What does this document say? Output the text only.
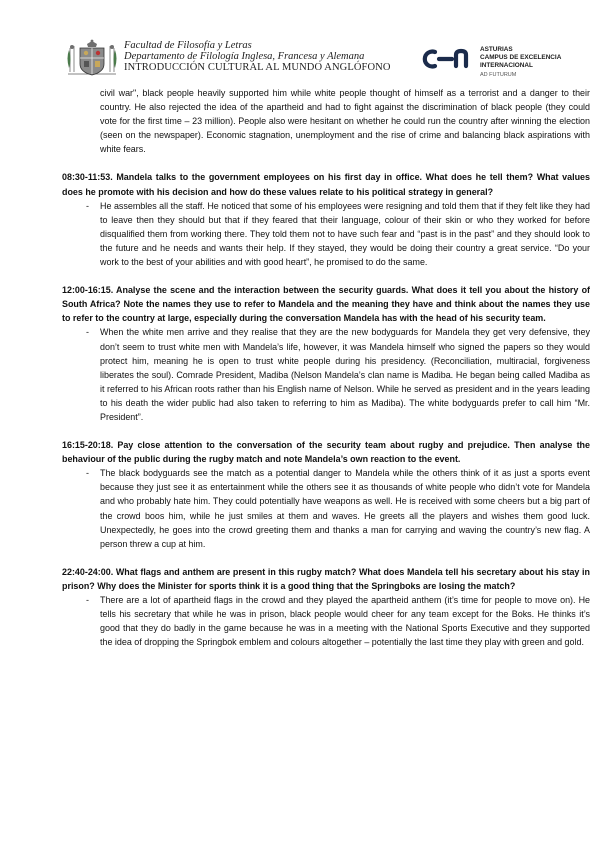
Facultad de Filosofía y Letras
Departamento de Filología Inglesa, Francesa y Alemana
INTRODUCCIÓN CULTURAL AL MUNDO ANGLÓFONO
ASTURIAS
CAMPUS DE EXCELENCIA
INTERNACIONAL
AD FUTURUM

civil war", black people heavily supported him while white people thought of himself as a terrorist and a danger to their country. He also rejected the idea of the apartheid and had to fight against the discrimination of black people (they could vote for the first time – 23 million). People also were hesitant on whether he could run the country after winning the election (seen on the newspaper). Economic stagnation, unemployment and the rise of crime and balancing black aspirations with white fears.

08:30-11:53. Mandela talks to the government employees on his first day in office. What does he tell them? What values does he promote with his decision and how do these values relate to his political strategy in general?

- He assembles all the staff. He noticed that some of his employees were resigning and told them that if they felt like they had to leave then they should but that if they feared that their language, colour of their skin or who they worked for before disqualified them from working there. They told them not to have such fear and “past is in the past” and they should look to the future and he needs and wants their help. If they stayed, they would be doing their country a great service. “Do your work to the best of your abilities and with good heart”, he promised to do the same.

12:00-16:15. Analyse the scene and the interaction between the security guards. What does it tell you about the history of South Africa? Note the names they use to refer to Mandela and the meaning they have and think about the names they use to refer to the country at large, especially during the conversation Mandela has with the head of his security team.

- When the white men arrive and they realise that they are the new bodyguards for Mandela they get very defensive, they don’t seem to trust white men with Mandela’s life, however, it was Mandela himself who signed the papers so they would protect him, meaning he is open to trust white people during his presidency. (Reconciliation, multiracial, forgiveness liberates the soul). Comrade President, Madiba (Nelson Mandela’s clan name is Madiba. He began being called Madiba as it referred to his African roots rather than his English name of Nelson. While he served as president and in the years leading to his death the wider public had also taken to referring to him as Madiba). The white bodyguards prefer to call him “Mr. President”.

16:15-20:18. Pay close attention to the conversation of the security team about rugby and prejudice. Then analyse the behaviour of the public during the rugby match and note Mandela’s own reaction to the event.

- The black bodyguards see the match as a potential danger to Mandela while the others think of it as just a sports event because they just see it as entertainment while the others see it as thousands of white people who didn’t vote for Mandela and who probably hate him. They could potentially have weapons as well. He is received with some cheers but a big part of the crowd boos him, while he just smiles at them and waves. He greets all the players and wishes them good luck. Unexpectedly, he goes into the crowd greeting them and thanks a man for carrying and waving the country’s new flag. A person threw a cup at him.

22:40-24:00. What flags and anthem are present in this rugby match? What does Mandela tell his secretary about his stay in prison? Why does the Minister for sports think it is a good thing that the Springboks are losing the match?

- There are a lot of apartheid flags in the crowd and they played the apartheid anthem (it’s time for people to move on). He tells his secretary that while he was in prison, black people would cheer for any team except for the Boks. He thinks it’s good that they do badly in the game because he was in a meeting with the National Sports Executive and they supported the idea of dropping the Springbok emblem and colours altogether – potentially the last time they play with green and gold.
